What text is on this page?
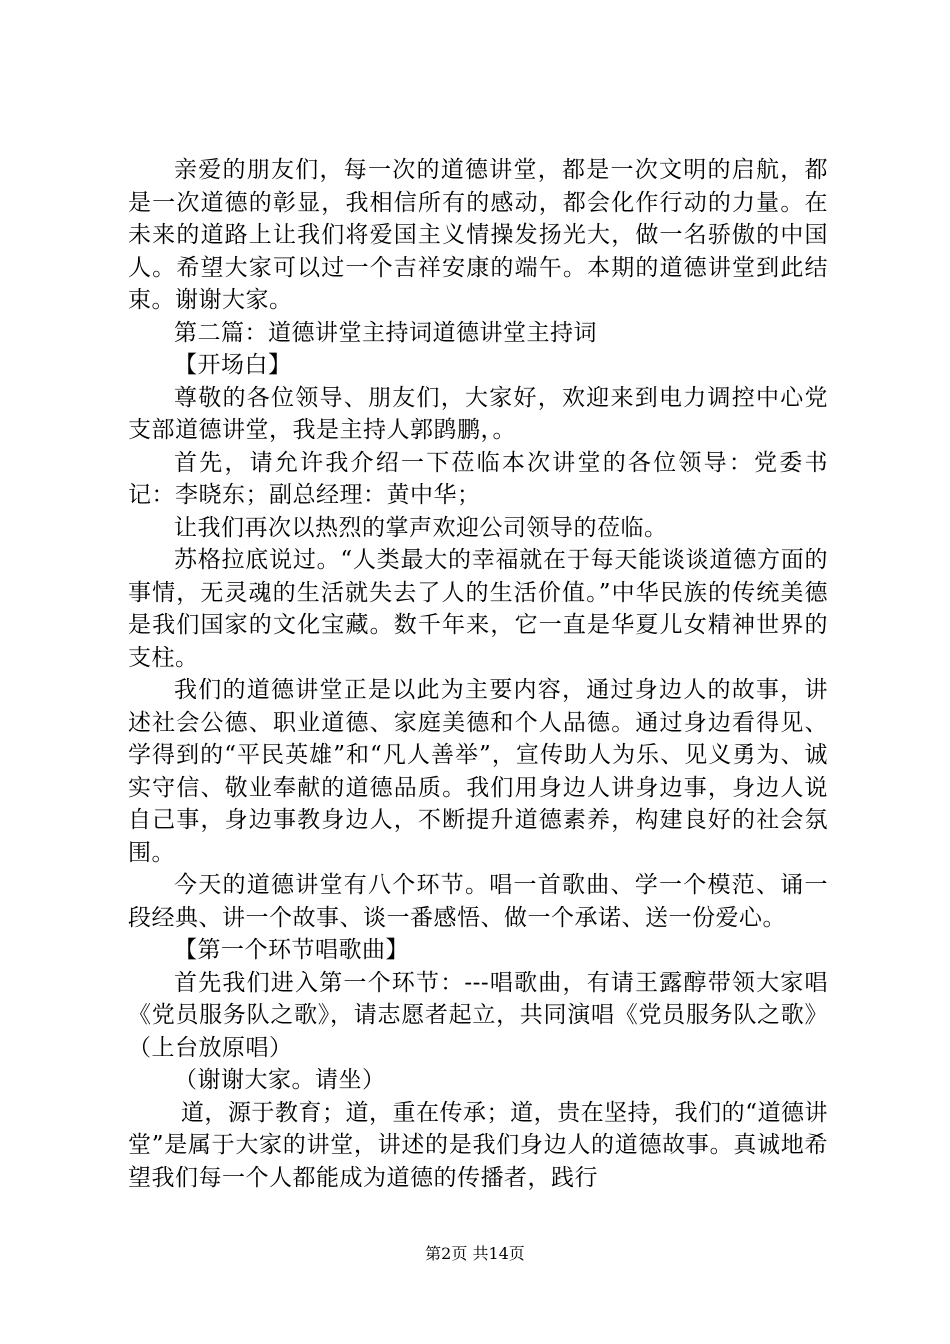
亲爱的朋友们，每一次的道德讲堂，都是一次文明的启航，都是一次道德的彰显，我相信所有的感动，都会化作行动的力量。在未来的道路上让我们将爱国主义情操发扬光大，做一名骄傲的中国人。希望大家可以过一个吉祥安康的端午。本期的道德讲堂到此结束。谢谢大家。

第二篇：道德讲堂主持词道德讲堂主持词

【开场白】

尊敬的各位领导、朋友们，大家好，欢迎来到电力调控中心党支部道德讲堂，我是主持人郭鹍鹏，。

首先，请允许我介绍一下莅临本次讲堂的各位领导：党委书记：李晓东；副总经理：黄中华；

让我们再次以热烈的掌声欢迎公司领导的莅临。

苏格拉底说过。“人类最大的幸福就在于每天能谈谈道德方面的事情，无灵魂的生活就失去了人的生活价值。”中华民族的传统美德是我们国家的文化宝藏。数千年来，它一直是华夏儿女精神世界的支柱。

我们的道德讲堂正是以此为主要内容，通过身边人的故事，讲述社会公德、职业道德、家庭美德和个人品德。通过身边看得见、学得到的“平民英雄”和“凡人善举”，宣传助人为乐、见义勇为、诚实守信、敬业奉献的道德品质。我们用身边人讲身边事，身边人说自己事，身边事教身边人，不断提升道德素养，构建良好的社会氛围。

今天的道德讲堂有八个环节。唱一首歌曲、学一个模范、诵一段经典、讲一个故事、谈一番感悟、做一个承诺、送一份爱心。

【第一个环节唱歌曲】

首先我们进入第一个环节：---唱歌曲，有请王露醇带领大家唱《党员服务队之歌》，请志愿者起立，共同演唱《党员服务队之歌》（上台放原唱）

（谢谢大家。请坐）

道，源于教育；道，重在传承；道，贵在坚持，我们的“道德讲堂”是属于大家的讲堂，讲述的是我们身边人的道德故事。真诚地希望我们每一个人都能成为道德的传播者，践行

第2页 共14页
